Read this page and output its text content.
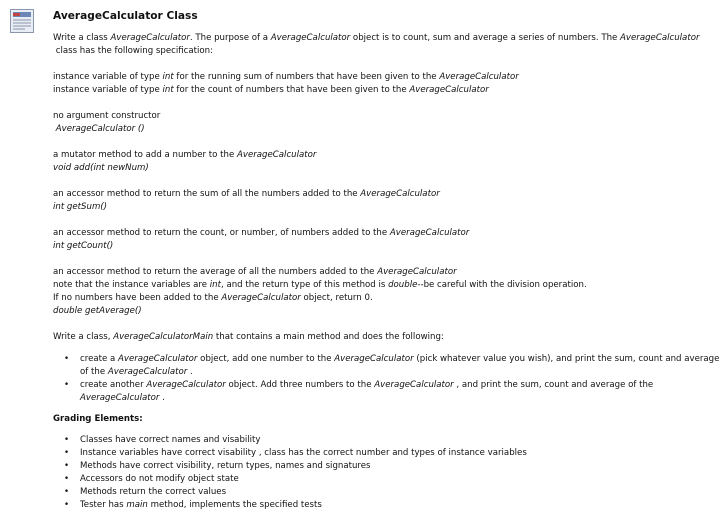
AverageCalculator Class

Write a class AverageCalculator. The purpose of a AverageCalculator object is to count, sum and average a series of numbers. The AverageCalculator
class has the following specification:

instance variable of type int for the running sum of numbers that have been given to the AverageCalculator

instance variable of type int for the count of numbers that have been given to the AverageCalculator

no argument constructor

AverageCalculator ()

a mutator method to add a number to the AverageCalculator

void add(int newNum)

an accessor method to return the sum of all the numbers added to the AverageCalculator

int getSum()

an accessor method to return the count, or number, of numbers added to the AverageCalculator

int getCount()

an accessor method to return the average of all the numbers added to the AverageCalculator

note that the instance variables are int, and the return type of this method is double--be careful with the division operation.

If no numbers have been added to the AverageCalculator object, return 0.

double getAverage()

Write a class, AverageCalculatorMain that contains a main method and does the following:

• create a AverageCalculator object, add one number to the AverageCalculator (pick whatever value you wish), and print the sum, count and average of the AverageCalculator .
• create another AverageCalculator object. Add three numbers to the AverageCalculator , and print the sum, count and average of the AverageCalculator .
Grading Elements:
• Classes have correct names and visability
• Instance variables have correct visability , class has the correct number and types of instance variables
• Methods have correct visibility, return types, names and signatures
• Accessors do not modify object state
• Methods return the correct values
• Tester has main method, implements the specified tests
